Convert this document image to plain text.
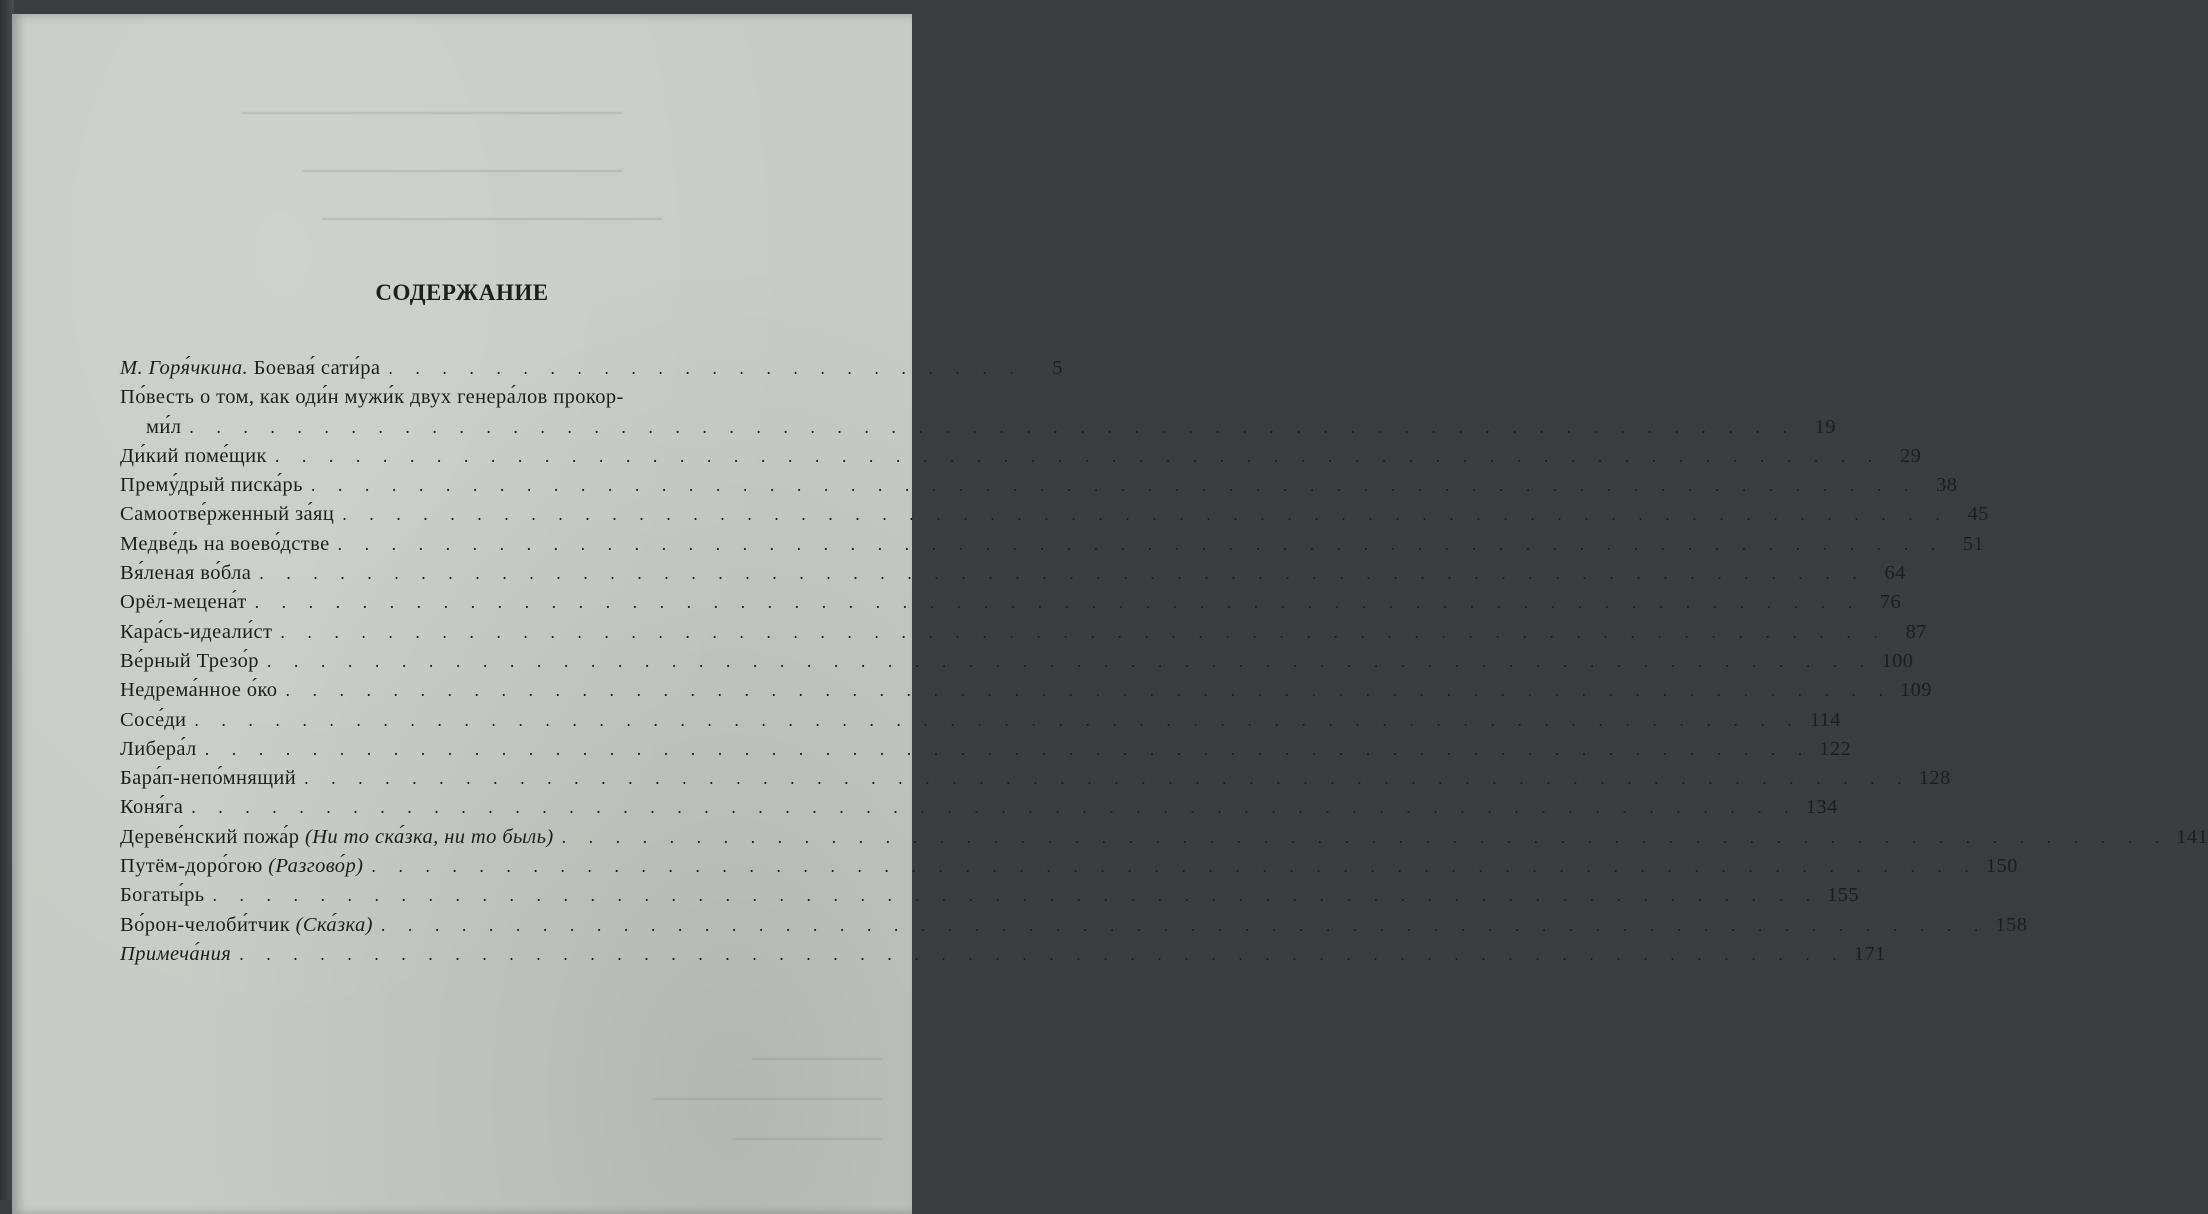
СОДЕРЖАНИЕ
М. Горя́чкина. Боевая́ сати́ра . . . . . . . . . . . . . . . . . . . . . . . .	5
По́весть о том, как оди́н мужи́к двух генера́лов прокор-
ми́л . . . . . . . . . . . . . . . . . . . . . . . . . . . . . . . . . . . . . . . . . . . . . . . . . . . . . . . . . . . . 19
Ди́кий поме́щик . . . . . . . . . . . . . . . . . . . . . . . . . . . . . . . . . . . . . . . . . . . . . . . . . . . . . . . . . . . . 29
Прему́дрый писка́рь . . . . . . . . . . . . . . . . . . . . . . . . . . . . . . . . . . . . . . . . . . . . . . . . . . . . . . . . . . . . 38
Самоотве́рженный за́яц . . . . . . . . . . . . . . . . . . . . . . . . . . . . . . . . . . . . . . . . . . . . . . . . . . . . . . . . . . . . 45
Медве́дь на воево́дстве . . . . . . . . . . . . . . . . . . . . . . . . . . . . . . . . . . . . . . . . . . . . . . . . . . . . . . . . . . . . 51
Вя́леная во́бла . . . . . . . . . . . . . . . . . . . . . . . . . . . . . . . . . . . . . . . . . . . . . . . . . . . . . . . . . . . . 64
Орёл-мецена́т . . . . . . . . . . . . . . . . . . . . . . . . . . . . . . . . . . . . . . . . . . . . . . . . . . . . . . . . . . . . 76
Кара́сь-идеали́ст . . . . . . . . . . . . . . . . . . . . . . . . . . . . . . . . . . . . . . . . . . . . . . . . . . . . . . . . . . . . 87
Ве́рный Трезо́р . . . . . . . . . . . . . . . . . . . . . . . . . . . . . . . . . . . . . . . . . . . . . . . . . . . . . . . . . . . . 100
Недрема́нное о́ко . . . . . . . . . . . . . . . . . . . . . . . . . . . . . . . . . . . . . . . . . . . . . . . . . . . . . . . . . . . . 109
Сосе́ди . . . . . . . . . . . . . . . . . . . . . . . . . . . . . . . . . . . . . . . . . . . . . . . . . . . . . . . . . . . . 114
Либера́л . . . . . . . . . . . . . . . . . . . . . . . . . . . . . . . . . . . . . . . . . . . . . . . . . . . . . . . . . . . . 122
Бара́п-непо́мнящий . . . . . . . . . . . . . . . . . . . . . . . . . . . . . . . . . . . . . . . . . . . . . . . . . . . . . . . . . . . . 128
Коня́га . . . . . . . . . . . . . . . . . . . . . . . . . . . . . . . . . . . . . . . . . . . . . . . . . . . . . . . . . . . . 134
Дереве́нский пожа́р (Ни то ска́зка, ни то быль) . . . . . . . . . . . . . . . . . . . . . . . . . . . . . . . . . . . . . . . . . . . . . . . . . . . . . . . . . . . . 141
Путём-доро́гою (Разгово́р) . . . . . . . . . . . . . . . . . . . . . . . . . . . . . . . . . . . . . . . . . . . . . . . . . . . . . . . . . . . . 150
Богаты́рь . . . . . . . . . . . . . . . . . . . . . . . . . . . . . . . . . . . . . . . . . . . . . . . . . . . . . . . . . . . . 155
Во́рон-челоби́тчик (Ска́зка) . . . . . . . . . . . . . . . . . . . . . . . . . . . . . . . . . . . . . . . . . . . . . . . . . . . . . . . . . . . . 158
Примеча́ния . . . . . . . . . . . . . . . . . . . . . . . . . . . . . . . . . . . . . . . . . . . . . . . . . . . . . . . . . . . . 171
